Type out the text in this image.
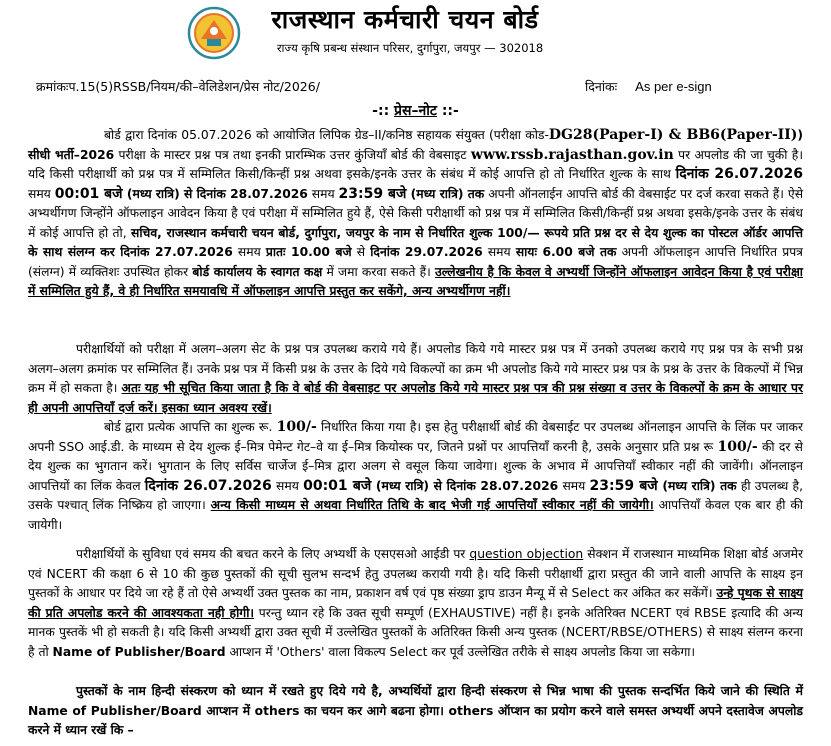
राजस्थान कर्मचारी चयन बोर्ड
राज्य कृषि प्रबन्ध संस्थान परिसर, दुर्गापुरा, जयपुर — 302018
क्रमांकःप.15(5)RSSB/नियम/की–वेलिडेशन/प्रेस नोट/2026/	दिनांकः As per e-sign
-:: प्रेस–नोट ::-
बोर्ड द्वारा दिनांक 05.07.2026 को आयोजित लिपिक ग्रेड–II/कनिष्ठ सहायक संयुक्त (परीक्षा कोड-DG28(Paper-I) & BB6(Paper-II)) सीधी भर्ती–2026 परीक्षा के मास्टर प्रश्न पत्र तथा इनकी प्रारम्भिक उत्तर कुंजियाँ बोर्ड की वेबसाइट www.rssb.rajasthan.gov.in पर अपलोड की जा चुकी है। यदि किसी परीक्षार्थी को प्रश्न पत्र में सम्मिलित किसी/किन्हीं प्रश्न अथवा इसके/इनके उत्तर के संबंध में कोई आपत्ति हो तो निर्धारित शुल्क के साथ दिनांक 26.07.2026 समय 00:01 बजे (मध्य रात्रि) से दिनांक 28.07.2026 समय 23:59 बजे (मध्य रात्रि) तक अपनी ऑनलाईन आपत्ति बोर्ड की वेबसाईट पर दर्ज करवा सकते हैं। ऐसे अभ्यर्थीगण जिन्होंने ऑफलाइन आवेदन किया है एवं परीक्षा में सम्मिलित हुये हैं, ऐसे किसी परीक्षार्थी को प्रश्न पत्र में सम्मिलित किसी/किन्हीं प्रश्न अथवा इसके/इनके उत्तर के संबंध में कोई आपत्ति हो तो, सचिव, राजस्थान कर्मचारी चयन बोर्ड, दुर्गापुरा, जयपुर के नाम से निर्धारित शुल्क 100/— रूपये प्रति प्रश्न दर से देय शुल्क का पोस्टल ऑर्डर आपत्ति के साथ संलग्न कर दिनांक 27.07.2026 समय प्रातः 10.00 बजे से दिनांक 29.07.2026 समय सायः 6.00 बजे तक अपनी ऑफलाइन आपत्ति निर्धारित प्रपत्र (संलग्न) में व्यक्तिशः उपस्थित होकर बोर्ड कार्यालय के स्वागत कक्ष में जमा करवा सकते हैं। उल्लेखनीय है कि केवल वे अभ्यर्थी जिन्होंने ऑफलाइन आवेदन किया है एवं परीक्षा में सम्मिलित हुये हैं, वे ही निर्धारित समयावधि में ऑफलाइन आपत्ति प्रस्तुत कर सकेंगे, अन्य अभ्यर्थीगण नहीं।
परीक्षार्थियों को परीक्षा में अलग–अलग सेट के प्रश्न पत्र उपलब्ध कराये गये हैं। अपलोड किये गये मास्टर प्रश्न पत्र में उनको उपलब्ध कराये गए प्रश्न पत्र के सभी प्रश्न अलग–अलग क्रमांक पर सम्मिलित हैं। उनके प्रश्न पत्र में किसी प्रश्न के उत्तर के दिये गये विकल्पों का क्रम भी अपलोड किये गये मास्टर प्रश्न पत्र के प्रश्न के उत्तर के विकल्पों में भिन्न क्रम में हो सकता है। अतः यह भी सूचित किया जाता है कि वे बोर्ड की वेबसाइट पर अपलोड किये गये मास्टर प्रश्न पत्र की प्रश्न संख्या व उत्तर के विकल्पों के क्रम के आधार पर ही अपनी आपत्तियाँ दर्ज करें। इसका ध्यान अवश्य रखें।
बोर्ड द्वारा प्रत्येक आपत्ति का शुल्क रू. 100/- निर्धारित किया गया है। इस हेतु परीक्षार्थी बोर्ड की वेबसाईट पर उपलब्ध ऑनलाइन आपत्ति के लिंक पर जाकर अपनी SSO आई.डी. के माध्यम से देय शुल्क ई–मित्र पेमेन्ट गेट–वे या ई–मित्र कियोस्क पर, जितने प्रश्नों पर आपत्तियाँ करनी है, उसके अनुसार प्रति प्रश्न रू 100/- की दर से देय शुल्क का भुगतान करें। भुगतान के लिए सर्विस चार्जेज ई–मित्र द्वारा अलग से वसूल किया जावेगा। शुल्क के अभाव में आपत्तियाँ स्वीकार नहीं की जावेंगी। ऑनलाइन आपत्तियों का लिंक केवल दिनांक 26.07.2026 समय 00:01 बजे (मध्य रात्रि) से दिनांक 28.07.2026 समय 23:59 बजे (मध्य रात्रि) तक ही उपलब्ध है, उसके पश्चात् लिंक निष्क्रिय हो जाएगा। अन्य किसी माध्यम से अथवा निर्धारित तिथि के बाद भेजी गई आपत्तियाँ स्वीकार नहीं की जायेगी। आपत्तियाँ केवल एक बार ही की जायेगी।
परीक्षार्थियों के सुविधा एवं समय की बचत करने के लिए अभ्यर्थी के एसएसओ आईडी पर question objection सेक्शन में राजस्थान माध्यमिक शिक्षा बोर्ड अजमेर एवं NCERT की कक्षा 6 से 10 की कुछ पुस्तकों की सूची सुलभ सन्दर्भ हेतु उपलब्ध करायी गयी है। यदि किसी परीक्षार्थी द्वारा प्रस्तुत की जाने वाली आपत्ति के साक्ष्य इन पुस्तकों के आधार पर दिये जा रहे हैं तो ऐसे अभ्यर्थी उक्त पुस्तक का नाम, प्रकाशन वर्ष एवं पृष्ठ संख्या ड्राप डाउन मैन्यू में से Select कर अंकित कर सकेंगें। उन्हे पृथक से साक्ष्य की प्रति अपलोड करने की आवश्यकता नही होगी। परन्तु ध्यान रहे कि उक्त सूची सम्पूर्ण (EXHAUSTIVE) नहीं है। इनके अतिरिक्त NCERT एवं RBSE इत्यादि की अन्य मानक पुस्तकें भी हो सकती है। यदि किसी अभ्यर्थी द्वारा उक्त सूची में उल्लेखित पुस्तकों के अतिरिक्त किसी अन्य पुस्तक (NCERT/RBSE/OTHERS) से साक्ष्य संलग्न करना है तो Name of Publisher/Board आप्शन में 'Others' वाला विकल्प Select कर पूर्व उल्लेखित तरीके से साक्ष्य अपलोड किया जा सकेगा।
पुस्तकों के नाम हिन्दी संस्करण को ध्यान में रखते हुए दिये गये है, अभ्यर्थियों द्वारा हिन्दी संस्करण से भिन्न भाषा की पुस्तक सन्दर्भित किये जाने की स्थिति में Name of Publisher/Board आप्शन में others का चयन कर आगे बढना होगा। others ऑप्शन का प्रयोग करने वाले समस्त अभ्यर्थी अपने दस्तावेज अपलोड करने में ध्यान रखें कि –
